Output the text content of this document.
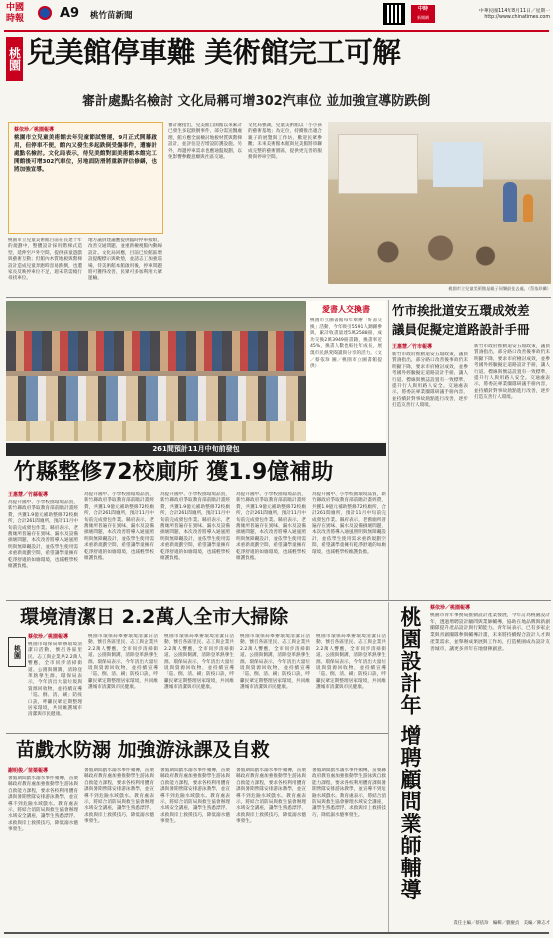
中國
時報	A9 桃竹苗新聞
中時
新聞網
中華民國114年8月11日／星期一
http://www.chinatimes.com
桃園 兒美館停車難 美術館完工可解
審計處點名檢討 文化局稱可增302汽車位 並加強宣導防跌倒
蔡依珍／桃園報導
桃園市立兒童美術館去年兒童節試營運，9月正式開幕啟用，但停車不便，館內又發生多起跌倒受傷事件，遭審計處點名檢討。文化局表示，待兒美館對面美術館本館完工開館後可增302汽車位，另地面防滑將重新評估修繕，也將加強宣導。
桃園市立兒童美術館目前在長達十年的規劃中，整體設計採用階梯式造型，延伸至戶外空間，提供孩童遊戲與藝術互動；但館內木質地板與階梯設計造成兒童奔跑時容易跌倒，也遭家長反映停車位不足，週末常需繞行尋找車位。
地方議員建議應提供臨時停車接駁，改善交通問題，並重新檢視館內動線設計。文化局回應，目前已於館區增設提醒標示與軟墊，並請志工加強巡場，待美術館本館啟用後，停車問題將可獲得改善，民眾可多加利用大眾運輸。
審計處指出，兒美館自開館以來累計已發生多起跌倒事件，部分需送醫處理，館方應全面檢討地板材質與階梯設計，並評估是否增設防護設施。另外，周邊停車需求也應通盤規劃，以免影響參觀意願與社區交通。
文化局強調，兒童美術館以「小小孩的藝術基地」為定位，持續推出適合親子的展覽與工作坊，歡迎民眾參觀；未來美術館本館與兒美館將串聯成完整的藝術園區，提供更完善的服務與停車空間。
桃園市立兒童美術館是親子同樂最佳去處。（蔡依珍攝）
愛書人交換書
桃園市立圖書館每年舉辦「好書交換」活動，今年吸引5591人踴躍參與，累計收書量達5萬2588冊，成功交換2萬3949冊書籍，換書率近45%，換書人數也較往年成長，展現市民熱愛閱讀與分享的活力。（文／蔡依珍 圖／桃園市立圖書館提供）
竹市挨批道安五環成效差
議員促擬定道路設計手冊
王惠慧／竹市報導
新竹市政府推動道安五環政策，議員質詢指出，部分路口改善後事故仍未明顯下降，要求市府檢討成效，並參考國外經驗擬定道路設計手冊，讓人行道、標線與號誌設置有一致標準，提升行人與用路人安全。交通處表示，將委託專業團隊研議手冊內容，並持續針對事故熱點進行改善，逐步打造友善行人環境。
新竹市政府推動道安五環政策，議員質詢指出，部分路口改善後事故仍未明顯下降，要求市府檢討成效，並參考國外經驗擬定道路設計手冊，讓人行道、標線與號誌設置有一致標準，提升行人與用路人安全。交通處表示，將委託專業團隊研議手冊內容，並持續針對事故熱點進行改善，逐步打造友善行人環境。
261間預計11月中旬前發包
竹縣整修72校廁所 獲1.9億補助
王惠慧／竹縣報導
為提升國中、小學校園環境品質，新竹縣政府爭取教育部前瞻計畫經費，共獲1.9億元補助整修72校廁所，合計261間廁所，預計11月中旬前完成發包作業。縣府表示，老舊廁所普遍存在異味、漏水及設備損壞問題，本次改善將導入通風照明與無障礙設計，並依學生使用需求重新規劃空間，希望讓學童擁有乾淨舒適的如廁環境，也減輕學校維護負擔。
為提升國中、小學校園環境品質，新竹縣政府爭取教育部前瞻計畫經費，共獲1.9億元補助整修72校廁所，合計261間廁所，預計11月中旬前完成發包作業。縣府表示，老舊廁所普遍存在異味、漏水及設備損壞問題，本次改善將導入通風照明與無障礙設計，並依學生使用需求重新規劃空間，希望讓學童擁有乾淨舒適的如廁環境，也減輕學校維護負擔。
為提升國中、小學校園環境品質，新竹縣政府爭取教育部前瞻計畫經費，共獲1.9億元補助整修72校廁所，合計261間廁所，預計11月中旬前完成發包作業。縣府表示，老舊廁所普遍存在異味、漏水及設備損壞問題，本次改善將導入通風照明與無障礙設計，並依學生使用需求重新規劃空間，希望讓學童擁有乾淨舒適的如廁環境，也減輕學校維護負擔。
為提升國中、小學校園環境品質，新竹縣政府爭取教育部前瞻計畫經費，共獲1.9億元補助整修72校廁所，合計261間廁所，預計11月中旬前完成發包作業。縣府表示，老舊廁所普遍存在異味、漏水及設備損壞問題，本次改善將導入通風照明與無障礙設計，並依學生使用需求重新規劃空間，希望讓學童擁有乾淨舒適的如廁環境，也減輕學校維護負擔。
為提升國中、小學校園環境品質，新竹縣政府爭取教育部前瞻計畫經費，共獲1.9億元補助整修72校廁所，合計261間廁所，預計11月中旬前完成發包作業。縣府表示，老舊廁所普遍存在異味、漏水及設備損壞問題，本次改善將導入通風照明與無障礙設計，並依學生使用需求重新規劃空間，希望讓學童擁有乾淨舒適的如廁環境，也減輕學校維護負擔。
環境清潔日 2.2萬人全市大掃除
桃園
蔡依珍／桃園報導
桃園市環保局舉辦環境清潔日活動，號召各區里民、志工與企業共2.2萬人響應，全市同步清掃街道、公園與側溝，清除登革熱孳生源。環保局表示，今年清出大量垃圾與資源回收物，並持續宣導「巡、倒、清、刷」防疫口訣，呼籲民眾定期整理居家環境，共同維護城市清潔與市民健康。
桃園市環保局舉辦環境清潔日活動，號召各區里民、志工與企業共2.2萬人響應，全市同步清掃街道、公園與側溝，清除登革熱孳生源。環保局表示，今年清出大量垃圾與資源回收物，並持續宣導「巡、倒、清、刷」防疫口訣，呼籲民眾定期整理居家環境，共同維護城市清潔與市民健康。
桃園市環保局舉辦環境清潔日活動，號召各區里民、志工與企業共2.2萬人響應，全市同步清掃街道、公園與側溝，清除登革熱孳生源。環保局表示，今年清出大量垃圾與資源回收物，並持續宣導「巡、倒、清、刷」防疫口訣，呼籲民眾定期整理居家環境，共同維護城市清潔與市民健康。
桃園市環保局舉辦環境清潔日活動，號召各區里民、志工與企業共2.2萬人響應，全市同步清掃街道、公園與側溝，清除登革熱孳生源。環保局表示，今年清出大量垃圾與資源回收物，並持續宣導「巡、倒、清、刷」防疫口訣，呼籲民眾定期整理居家環境，共同維護城市清潔與市民健康。
桃園市環保局舉辦環境清潔日活動，號召各區里民、志工與企業共2.2萬人響應，全市同步清掃街道、公園與側溝，清除登革熱孳生源。環保局表示，今年清出大量垃圾與資源回收物，並持續宣導「巡、倒、清、刷」防疫口訣，呼籲民眾定期整理居家環境，共同維護城市清潔與市民健康。
苗戲水防溺 加強游泳課及自救
謝明俊／苗栗報導
暑假期間戲水溺水事件頻傳，苗栗縣政府教育處加強推動學生游泳與自救能力課程，要求各校利用體育課與暑期營隊安排游泳教學，並宣導不到危險水域戲水。教育處表示，將結合消防局與救生協會辦理水域安全講座，讓學生熟悉漂浮、求救與岸上救援技巧，降低溺水憾事發生。
暑假期間戲水溺水事件頻傳，苗栗縣政府教育處加強推動學生游泳與自救能力課程，要求各校利用體育課與暑期營隊安排游泳教學，並宣導不到危險水域戲水。教育處表示，將結合消防局與救生協會辦理水域安全講座，讓學生熟悉漂浮、求救與岸上救援技巧，降低溺水憾事發生。
暑假期間戲水溺水事件頻傳，苗栗縣政府教育處加強推動學生游泳與自救能力課程，要求各校利用體育課與暑期營隊安排游泳教學，並宣導不到危險水域戲水。教育處表示，將結合消防局與救生協會辦理水域安全講座，讓學生熟悉漂浮、求救與岸上救援技巧，降低溺水憾事發生。
暑假期間戲水溺水事件頻傳，苗栗縣政府教育處加強推動學生游泳與自救能力課程，要求各校利用體育課與暑期營隊安排游泳教學，並宣導不到危險水域戲水。教育處表示，將結合消防局與救生協會辦理水域安全講座，讓學生熟悉漂浮、求救與岸上救援技巧，降低溺水憾事發生。
暑假期間戲水溺水事件頻傳，苗栗縣政府教育處加強推動學生游泳與自救能力課程，要求各校利用體育課與暑期營隊安排游泳教學，並宣導不到危險水域戲水。教育處表示，將結合消防局與救生協會辦理水域安全講座，讓學生熟悉漂浮、求救與岸上救援技巧，降低溺水憾事發生。	桃園設計年 增聘顧問業師輔導	蔡依珍／桃園報導
桃園市青年事務局推動設計產業發展，今年訂為桃園設計年，透過增聘設計顧問與業師輔導，協助在地品牌與新創團隊提升產品設計與行銷能力。青年局表示，已有多家企業與青創團隊參與輔導計畫，未來將持續媒合設計人才與產業需求，並舉辦成果展與工作坊，打造桃園成為設計友善城市，讓更多青年在地發揮創意。
責任主編／蔡依珍　編輯／劉慶貞　美編／陳志才
